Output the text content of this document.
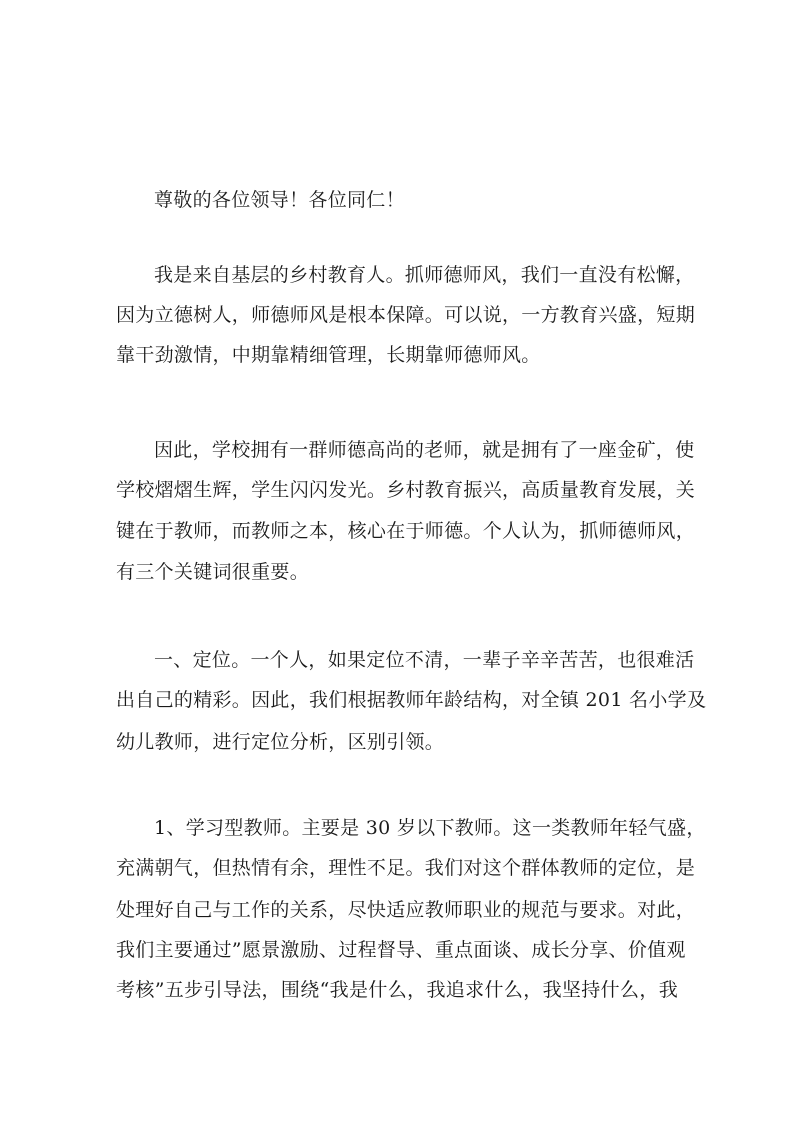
尊敬的各位领导！各位同仁！
我是来自基层的乡村教育人。抓师德师风，我们一直没有松懈，
因为立德树人，师德师风是根本保障。可以说，一方教育兴盛，短期
靠干劲激情，中期靠精细管理，长期靠师德师风。
因此，学校拥有一群师德高尚的老师，就是拥有了一座金矿，使
学校熠熠生辉，学生闪闪发光。乡村教育振兴，高质量教育发展，关
键在于教师，而教师之本，核心在于师德。个人认为，抓师德师风，
有三个关键词很重要。
一、定位。一个人，如果定位不清，一辈子辛辛苦苦，也很难活
出自己的精彩。因此，我们根据教师年龄结构，对全镇 201 名小学及
幼儿教师，进行定位分析，区别引领。
1、学习型教师。主要是 30 岁以下教师。这一类教师年轻气盛，
充满朝气，但热情有余，理性不足。我们对这个群体教师的定位，是
处理好自己与工作的关系，尽快适应教师职业的规范与要求。对此，
我们主要通过”愿景激励、过程督导、重点面谈、成长分享、价值观
考核”五步引导法，围绕“我是什么，我追求什么，我坚持什么，我
